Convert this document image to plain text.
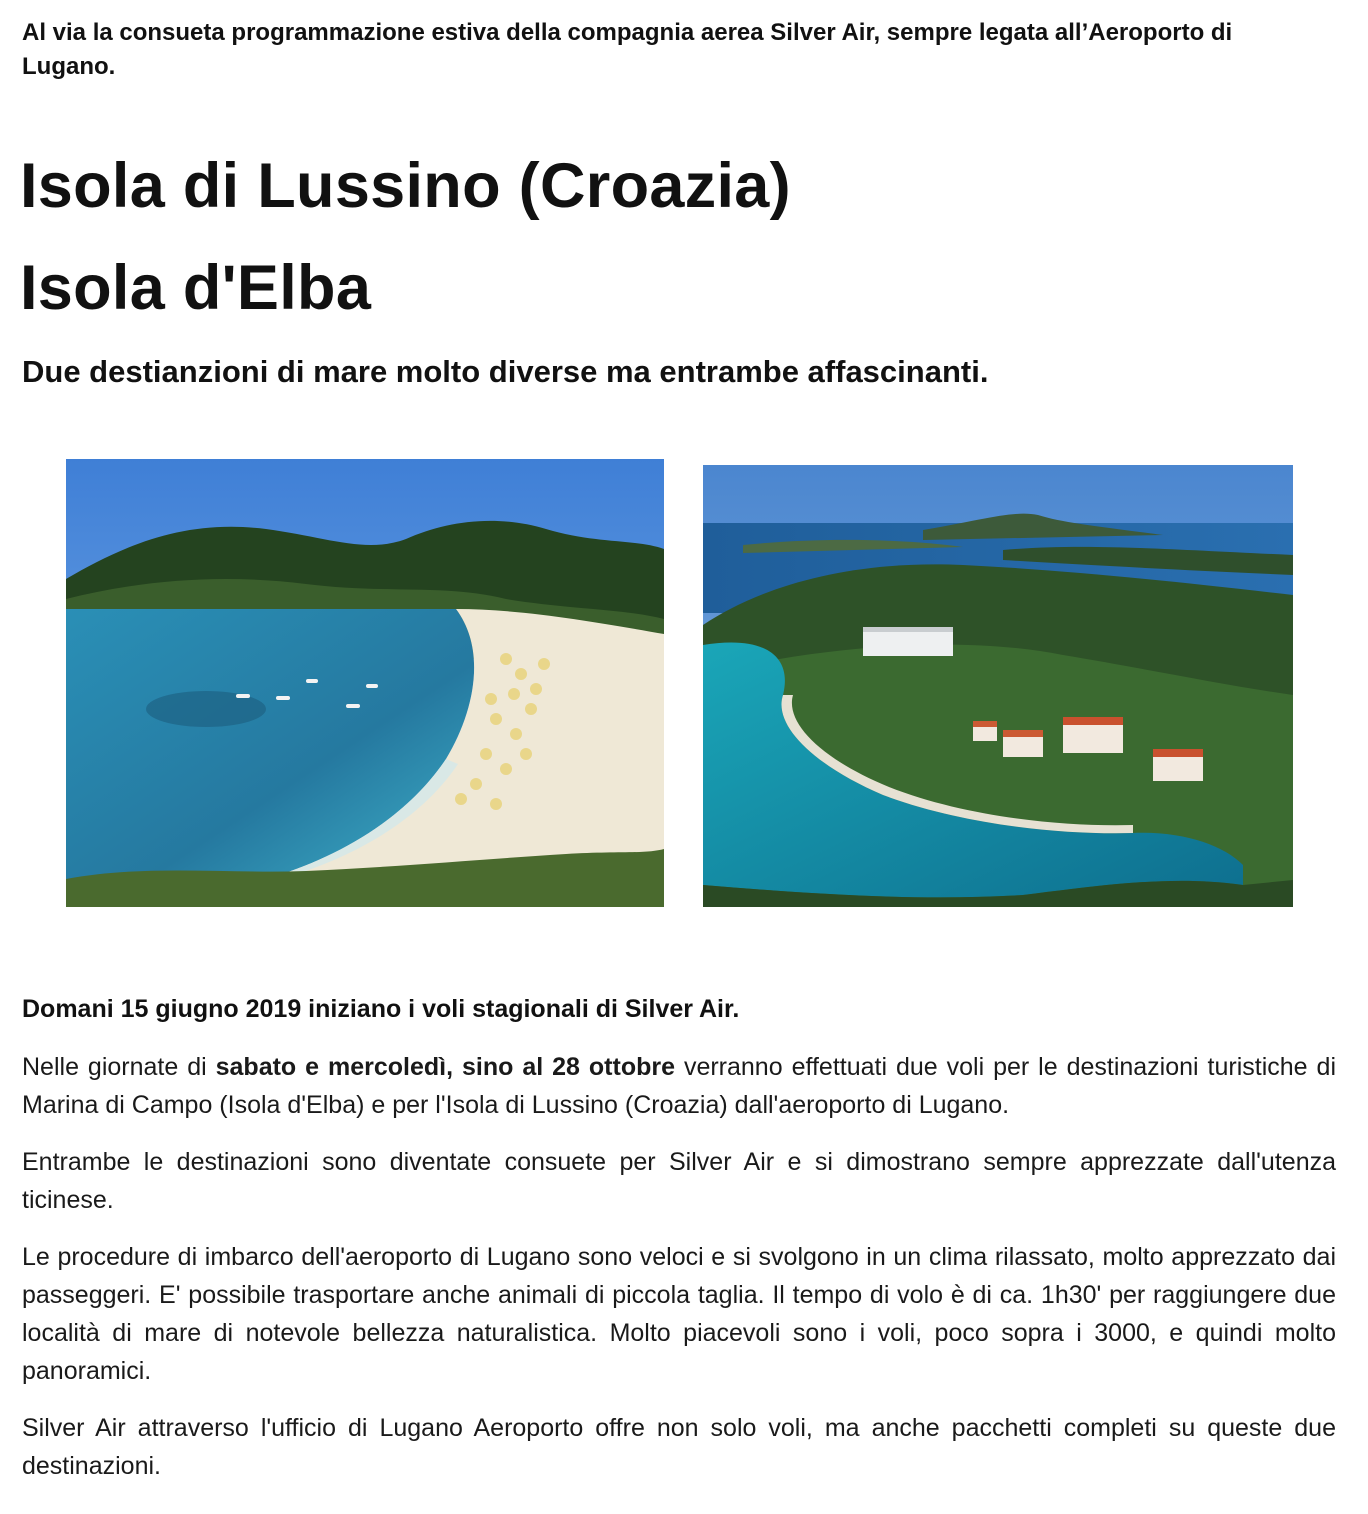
Al via la consueta programmazione estiva della compagnia aerea Silver Air, sempre legata all’Aeroporto di Lugano.

Isola di Lussino (Croazia)
Isola d'Elba
Due destianzioni di mare molto diverse ma entrambe affascinanti.

Domani 15 giugno 2019 iniziano i voli stagionali di Silver Air.

Nelle giornate di sabato e mercoledì, sino al 28 ottobre verranno effettuati due voli per le destinazioni turistiche di Marina di Campo (Isola d'Elba) e per l'Isola di Lussino (Croazia) dall'aeroporto di Lugano.

Entrambe le destinazioni sono diventate consuete per Silver Air e si dimostrano sempre apprezzate dall'utenza ticinese.

Le procedure di imbarco dell'aeroporto di Lugano sono veloci e si svolgono in un clima rilassato, molto apprezzato dai passeggeri. E' possibile trasportare anche animali di piccola taglia. Il tempo di volo è di ca. 1h30' per raggiungere due località di mare di notevole bellezza naturalistica. Molto piacevoli sono i voli, poco sopra i 3000, e quindi molto panoramici.

Silver Air attraverso l'ufficio di Lugano Aeroporto offre non solo voli, ma anche pacchetti completi su queste due destinazioni.
